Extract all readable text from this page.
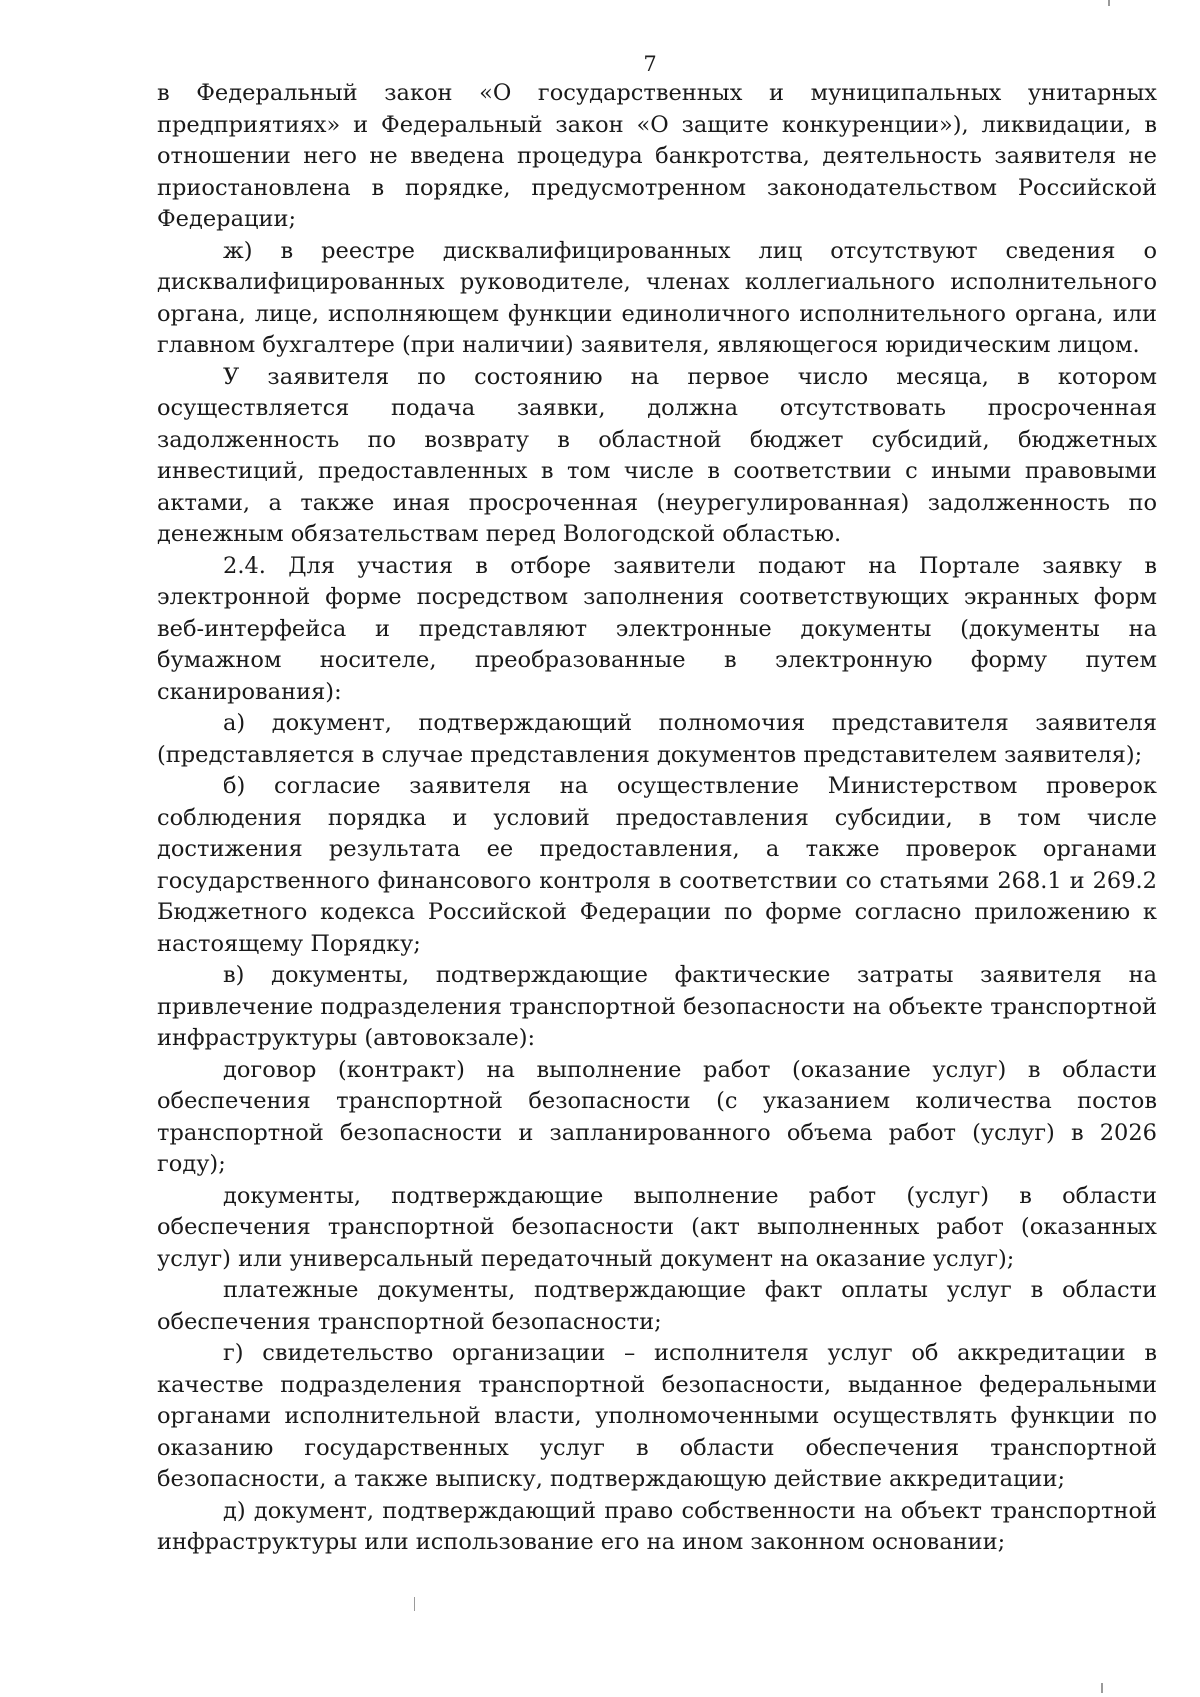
7

в Федеральный закон «О государственных и муниципальных унитарных предприятиях» и Федеральный закон «О защите конкуренции»), ликвидации, в отношении него не введена процедура банкротства, деятельность заявителя не приостановлена в порядке, предусмотренном законодательством Российской Федерации;

ж) в реестре дисквалифицированных лиц отсутствуют сведения о дисквалифицированных руководителе, членах коллегиального исполнительного органа, лице, исполняющем функции единоличного исполнительного органа, или главном бухгалтере (при наличии) заявителя, являющегося юридическим лицом.

У заявителя по состоянию на первое число месяца, в котором осуществляется подача заявки, должна отсутствовать просроченная задолженность по возврату в областной бюджет субсидий, бюджетных инвестиций, предоставленных в том числе в соответствии с иными правовыми актами, а также иная просроченная (неурегулированная) задолженность по денежным обязательствам перед Вологодской областью.

2.4. Для участия в отборе заявители подают на Портале заявку в электронной форме посредством заполнения соответствующих экранных форм веб-интерфейса и представляют электронные документы (документы на бумажном носителе, преобразованные в электронную форму путем сканирования):

а) документ, подтверждающий полномочия представителя заявителя (представляется в случае представления документов представителем заявителя);

б) согласие заявителя на осуществление Министерством проверок соблюдения порядка и условий предоставления субсидии, в том числе достижения результата ее предоставления, а также проверок органами государственного финансового контроля в соответствии со статьями 268.1 и 269.2 Бюджетного кодекса Российской Федерации по форме согласно приложению к настоящему Порядку;

в) документы, подтверждающие фактические затраты заявителя на привлечение подразделения транспортной безопасности на объекте транспортной инфраструктуры (автовокзале):

договор (контракт) на выполнение работ (оказание услуг) в области обеспечения транспортной безопасности (с указанием количества постов транспортной безопасности и запланированного объема работ (услуг) в 2026 году);

документы, подтверждающие выполнение работ (услуг) в области обеспечения транспортной безопасности (акт выполненных работ (оказанных услуг) или универсальный передаточный документ на оказание услуг);

платежные документы, подтверждающие факт оплаты услуг в области обеспечения транспортной безопасности;

г) свидетельство организации – исполнителя услуг об аккредитации в качестве подразделения транспортной безопасности, выданное федеральными органами исполнительной власти, уполномоченными осуществлять функции по оказанию государственных услуг в области обеспечения транспортной безопасности, а также выписку, подтверждающую действие аккредитации;

д) документ, подтверждающий право собственности на объект транспортной инфраструктуры или использование его на ином законном основании;
